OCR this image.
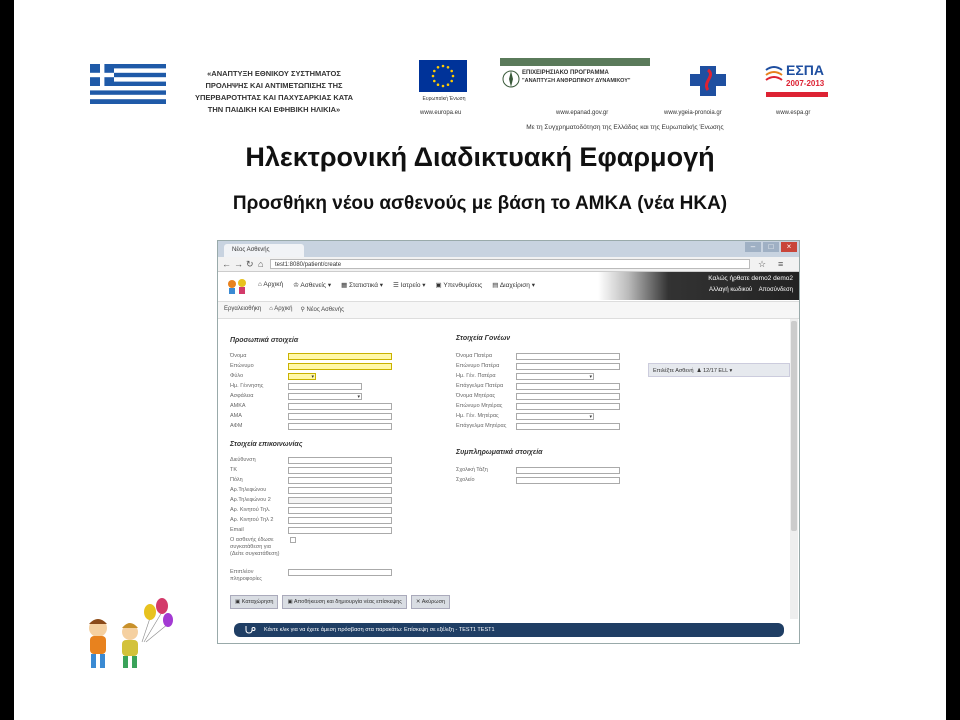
«ΑΝΑΠΤΥΞΗ ΕΘΝΙΚΟΥ ΣΥΣΤΗΜΑΤΟΣ
ΠΡΟΛΗΨΗΣ ΚΑΙ ΑΝΤΙΜΕΤΩΠΙΣΗΣ ΤΗΣ
ΥΠΕΡΒΑΡΟΤΗΤΑΣ ΚΑΙ ΠΑΧΥΣΑΡΚΙΑΣ ΚΑΤΑ
ΤΗΝ ΠΑΙΔΙΚΗ ΚΑΙ ΕΦΗΒΙΚΗ ΗΛΙΚΙΑ»
Ευρωπαϊκή Ένωση
www.europa.eu
ΕΠΙΧΕΙΡΗΣΙΑΚΟ ΠΡΟΓΡΑΜΜΑ
"ΑΝΑΠΤΥΞΗ ΑΝΘΡΩΠΙΝΟΥ ΔΥΝΑΜΙΚΟΥ"
www.epanad.gov.gr	www.ygeia-pronoia.gr
ΕΣΠΑ
2007-2013
www.espa.gr
Με τη Συγχρηματοδότηση της Ελλάδας και της Ευρωπαϊκής Ένωσης
Ηλεκτρονική Διαδικτυακή Εφαρμογή
Προσθήκη νέου ασθενούς με βάση το ΑΜΚΑ (νέα ΗΚΑ)
Νέος Ασθενής	–	□	×
← → ↻ ⌂	test1:8080/patient/create	☆ ≡
⌂ Αρχική ♔ Ασθενείς ▾ ▦ Στατιστικά ▾ ☰ Ιατρείο ▾ ▣ Υπενθυμίσεις ▤ Διαχείριση ▾
Καλώς ήρθατε demo2 demo2
Αλλαγή κωδικού Αποσύνδεση
Εργαλειοθήκη ⌂ Αρχική ⚲ Νέος Ασθενής
Επιλέξτε Ασθενή  ♟ 12/17 ELL ▾
Προσωπικά στοιχεία
Όνομα
Επώνυμο
Φύλο	▾
Ημ. Γέννησης
Ασφάλεια	▾
ΑΜΚΑ
ΑΜΑ
ΑΦΜ
Στοιχεία επικοινωνίας
Διεύθυνση
ΤΚ
Πόλη
Αρ.Τηλεφώνου
Αρ.Τηλεφώνου 2
Αρ. Κινητού Τηλ.
Αρ. Κινητού Τηλ 2
Email
Ο ασθενής έδωσε συγκατάθεση για (Δείτε συγκατάθεση)
Επιπλέον πληροφορίες
Στοιχεία Γονέων
Όνομα Πατέρα
Επώνυμο Πατέρα
Ημ. Γέν. Πατέρα	▾
Επάγγελμα Πατέρα
Όνομα Μητέρας
Επώνυμο Μητέρας
Ημ. Γέν. Μητέρας	▾
Επάγγελμα Μητέρας
Συμπληρωματικά στοιχεία
Σχολική Τάξη
Σχολείο
▣ Καταχώρηση	▣ Αποθήκευση και δημιουργία νέας επίσκεψης	✕ Ακύρωση
Κάντε κλικ για να έχετε άμεση πρόσβαση στα παρακάτω: Επίσκεψη σε εξέλιξη - TEST1 TEST1
